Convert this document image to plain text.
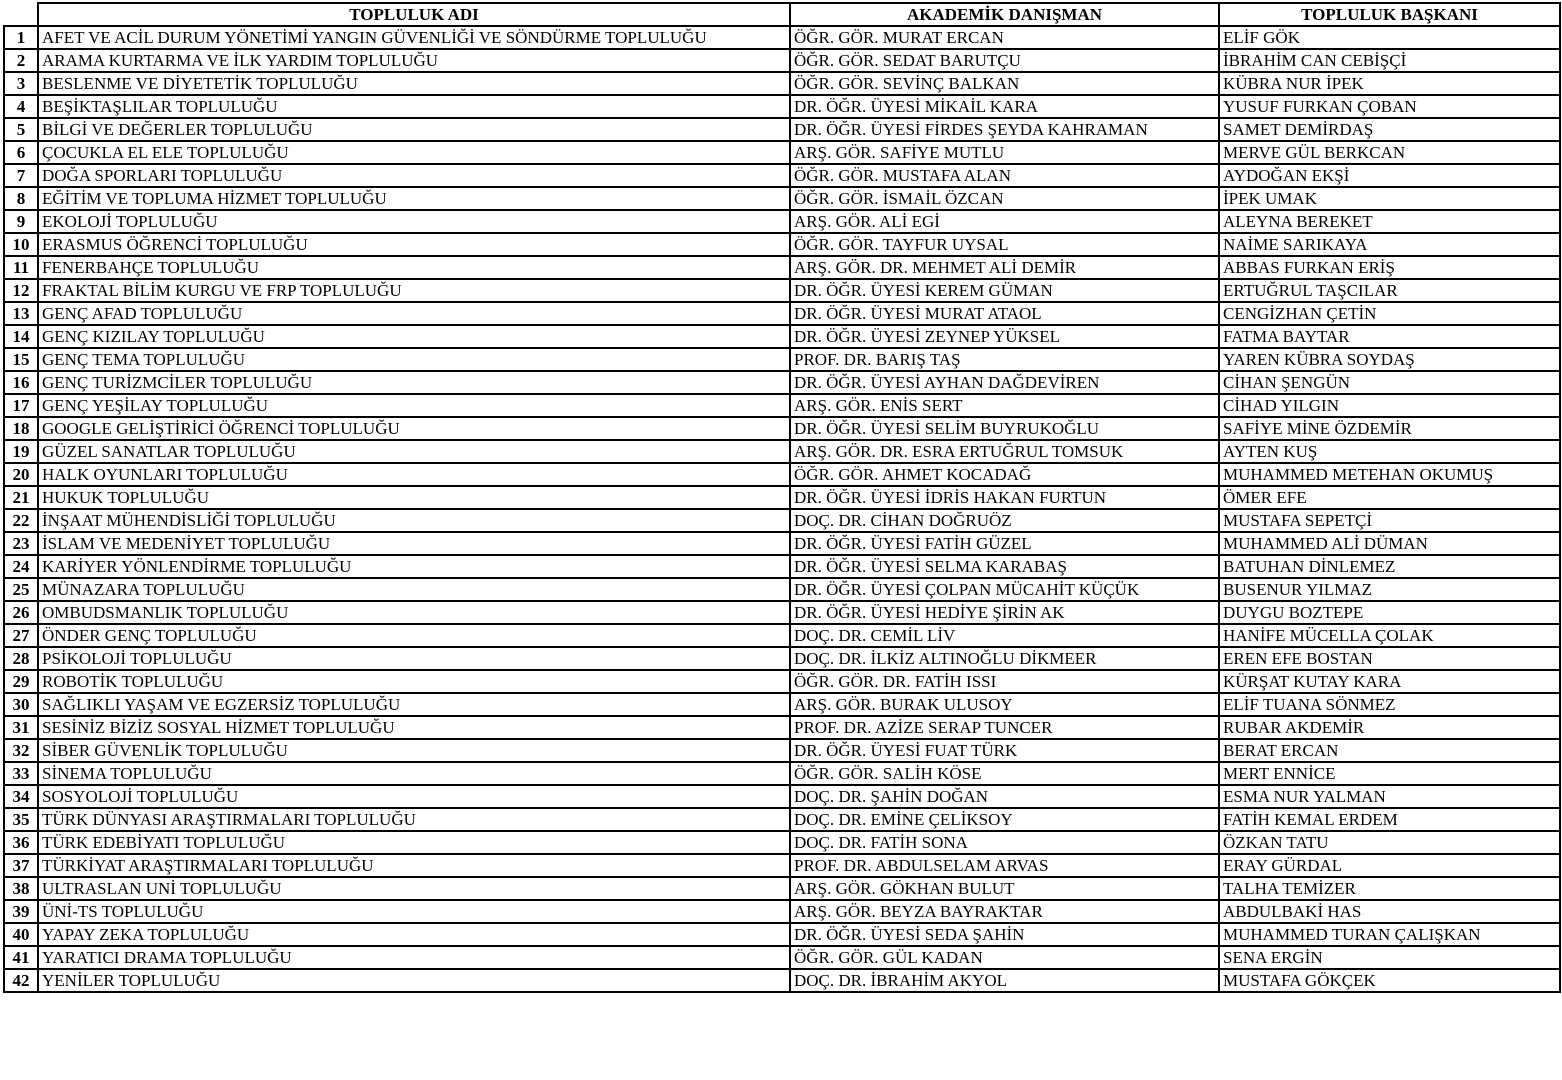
	TOPLULUK ADI	AKADEMİK DANIŞMAN	TOPLULUK BAŞKANI
1	AFET VE ACİL DURUM YÖNETİMİ YANGIN GÜVENLİĞİ VE SÖNDÜRME TOPLULUĞU	ÖĞR. GÖR. MURAT ERCAN	ELİF GÖK
2	ARAMA KURTARMA VE İLK YARDIM TOPLULUĞU	ÖĞR. GÖR. SEDAT BARUTÇU	İBRAHİM CAN CEBİŞÇİ
3	BESLENME VE DİYETETİK TOPLULUĞU	ÖĞR. GÖR. SEVİNÇ BALKAN	KÜBRA NUR İPEK
4	BEŞİKTAŞLILAR TOPLULUĞU	DR. ÖĞR. ÜYESİ MİKAİL KARA	YUSUF FURKAN ÇOBAN
5	BİLGİ VE DEĞERLER TOPLULUĞU	DR. ÖĞR. ÜYESİ FİRDES ŞEYDA KAHRAMAN	SAMET DEMİRDAŞ
6	ÇOCUKLA EL ELE TOPLULUĞU	ARŞ. GÖR. SAFİYE MUTLU	MERVE GÜL BERKCAN
7	DOĞA SPORLARI TOPLULUĞU	ÖĞR. GÖR. MUSTAFA ALAN	AYDOĞAN EKŞİ
8	EĞİTİM VE TOPLUMA HİZMET TOPLULUĞU	ÖĞR. GÖR. İSMAİL ÖZCAN	İPEK UMAK
9	EKOLOJİ TOPLULUĞU	ARŞ. GÖR. ALİ EGİ	ALEYNA BEREKET
10	ERASMUS ÖĞRENCİ TOPLULUĞU	ÖĞR. GÖR. TAYFUR UYSAL	NAİME SARIKAYA
11	FENERBAHÇE TOPLULUĞU	ARŞ. GÖR. DR. MEHMET ALİ DEMİR	ABBAS FURKAN ERİŞ
12	FRAKTAL BİLİM KURGU VE FRP TOPLULUĞU	DR. ÖĞR. ÜYESİ KEREM GÜMAN	ERTUĞRUL TAŞCILAR
13	GENÇ AFAD TOPLULUĞU	DR. ÖĞR. ÜYESİ MURAT ATAOL	CENGİZHAN ÇETİN
14	GENÇ KIZILAY TOPLULUĞU	DR. ÖĞR. ÜYESİ ZEYNEP YÜKSEL	FATMA BAYTAR
15	GENÇ TEMA TOPLULUĞU	PROF. DR. BARIŞ TAŞ	YAREN KÜBRA SOYDAŞ
16	GENÇ TURİZMCİLER TOPLULUĞU	DR. ÖĞR. ÜYESİ AYHAN DAĞDEVİREN	CİHAN ŞENGÜN
17	GENÇ YEŞİLAY TOPLULUĞU	ARŞ. GÖR. ENİS SERT	CİHAD YILGIN
18	GOOGLE GELİŞTİRİCİ ÖĞRENCİ TOPLULUĞU	DR. ÖĞR. ÜYESİ SELİM BUYRUKOĞLU	SAFİYE MİNE ÖZDEMİR
19	GÜZEL SANATLAR TOPLULUĞU	ARŞ. GÖR. DR. ESRA ERTUĞRUL TOMSUK	AYTEN KUŞ
20	HALK OYUNLARI TOPLULUĞU	ÖĞR. GÖR. AHMET KOCADAĞ	MUHAMMED METEHAN OKUMUŞ
21	HUKUK TOPLULUĞU	DR. ÖĞR. ÜYESİ İDRİS HAKAN FURTUN	ÖMER EFE
22	İNŞAAT MÜHENDİSLİĞİ TOPLULUĞU	DOÇ. DR. CİHAN DOĞRUÖZ	MUSTAFA SEPETÇİ
23	İSLAM VE MEDENİYET TOPLULUĞU	DR. ÖĞR. ÜYESİ FATİH GÜZEL	MUHAMMED ALİ DÜMAN
24	KARİYER YÖNLENDİRME TOPLULUĞU	DR. ÖĞR. ÜYESİ SELMA KARABAŞ	BATUHAN DİNLEMEZ
25	MÜNAZARA TOPLULUĞU	DR. ÖĞR. ÜYESİ ÇOLPAN MÜCAHİT KÜÇÜK	BUSENUR YILMAZ
26	OMBUDSMANLIK TOPLULUĞU	DR. ÖĞR. ÜYESİ HEDİYE ŞİRİN AK	DUYGU BOZTEPE
27	ÖNDER GENÇ TOPLULUĞU	DOÇ. DR. CEMİL LİV	HANİFE MÜCELLA ÇOLAK
28	PSİKOLOJİ TOPLULUĞU	DOÇ. DR. İLKİZ ALTINOĞLU DİKMEER	EREN EFE BOSTAN
29	ROBOTİK TOPLULUĞU	ÖĞR. GÖR. DR. FATİH ISSI	KÜRŞAT KUTAY KARA
30	SAĞLIKLI YAŞAM VE EGZERSİZ TOPLULUĞU	ARŞ. GÖR. BURAK ULUSOY	ELİF TUANA SÖNMEZ
31	SESİNİZ BİZİZ SOSYAL HİZMET TOPLULUĞU	PROF. DR. AZİZE SERAP TUNCER	RUBAR AKDEMİR
32	SİBER GÜVENLİK TOPLULUĞU	DR. ÖĞR. ÜYESİ FUAT TÜRK	BERAT ERCAN
33	SİNEMA TOPLULUĞU	ÖĞR. GÖR. SALİH KÖSE	MERT ENNİCE
34	SOSYOLOJİ TOPLULUĞU	DOÇ. DR. ŞAHİN DOĞAN	ESMA NUR YALMAN
35	TÜRK DÜNYASI ARAŞTIRMALARI TOPLULUĞU	DOÇ. DR. EMİNE ÇELİKSOY	FATİH KEMAL ERDEM
36	TÜRK EDEBİYATI TOPLULUĞU	DOÇ. DR. FATİH SONA	ÖZKAN TATU
37	TÜRKİYAT ARAŞTIRMALARI TOPLULUĞU	PROF. DR. ABDULSELAM ARVAS	ERAY GÜRDAL
38	ULTRASLAN UNİ TOPLULUĞU	ARŞ. GÖR. GÖKHAN BULUT	TALHA TEMİZER
39	ÜNİ-TS TOPLULUĞU	ARŞ. GÖR. BEYZA BAYRAKTAR	ABDULBAKİ HAS
40	YAPAY ZEKA TOPLULUĞU	DR. ÖĞR. ÜYESİ SEDA ŞAHİN	MUHAMMED TURAN ÇALIŞKAN
41	YARATICI DRAMA TOPLULUĞU	ÖĞR. GÖR. GÜL KADAN	SENA ERGİN
42	YENİLER TOPLULUĞU	DOÇ. DR. İBRAHİM AKYOL	MUSTAFA GÖKÇEK
